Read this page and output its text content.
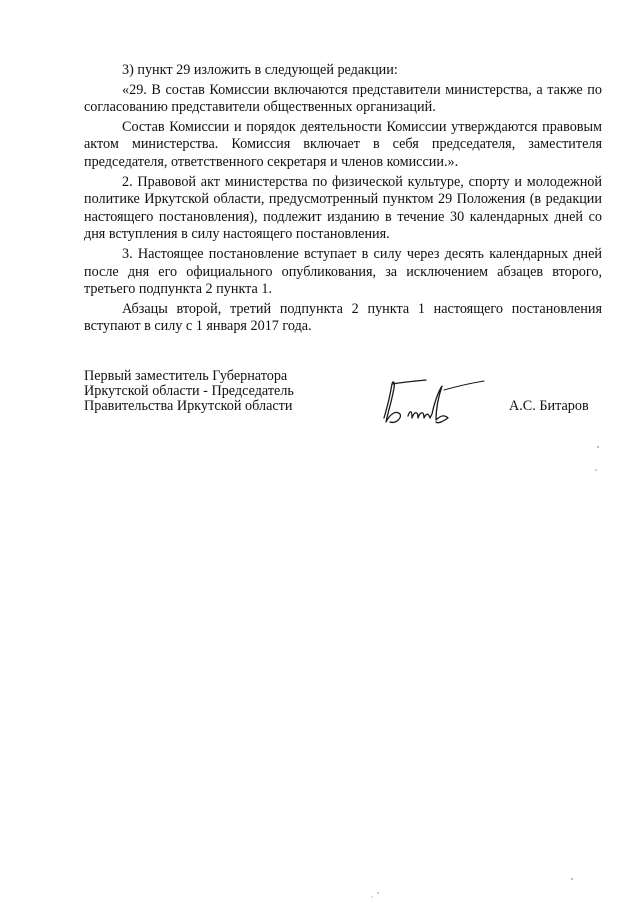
3) пункт 29 изложить в следующей редакции:

«29. В состав Комиссии включаются представители министерства, а также по согласованию представители общественных организаций.

Состав Комиссии и порядок деятельности Комиссии утверждаются правовым актом министерства. Комиссия включает в себя председателя, заместителя председателя, ответственного секретаря и членов комиссии.».

2. Правовой акт министерства по физической культуре, спорту и молодежной политике Иркутской области, предусмотренный пунктом 29 Положения (в редакции настоящего постановления), подлежит изданию в течение 30 календарных дней со дня вступления в силу настоящего постановления.

3. Настоящее постановление вступает в силу через десять календарных дней после дня его официального опубликования, за исключением абзацев второго, третьего подпункта 2 пункта 1.

Абзацы второй, третий подпункта 2 пункта 1 настоящего постановления вступают в силу с 1 января 2017 года.

Первый заместитель Губернатора
Иркутской области - Председатель
Правительства Иркутской области	А.С. Битаров
